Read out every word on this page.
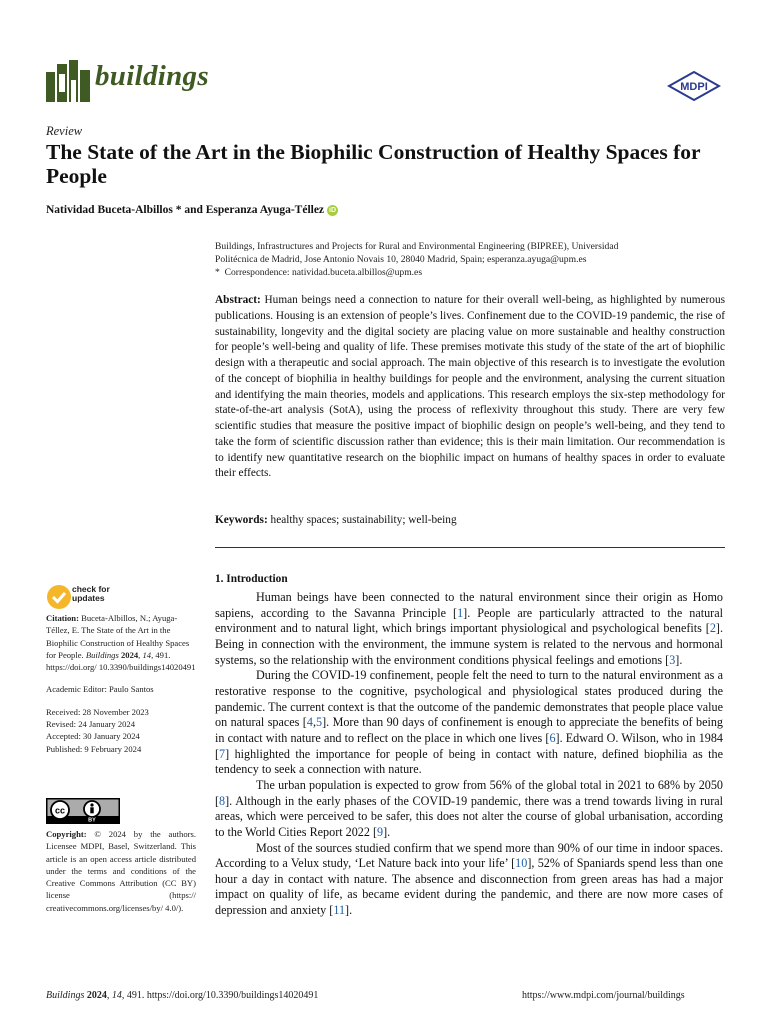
buildings	MDPI
Review
The State of the Art in the Biophilic Construction of Healthy Spaces for People
Natividad Buceta-Albillos * and Esperanza Ayuga-Téllez iD
Buildings, Infrastructures and Projects for Rural and Environmental Engineering (BIPREE), Universidad
Politécnica de Madrid, Jose Antonio Novais 10, 28040 Madrid, Spain; esperanza.ayuga@upm.es
* Correspondence: natividad.buceta.albillos@upm.es
Abstract: Human beings need a connection to nature for their overall well-being, as highlighted by numerous publications. Housing is an extension of people’s lives. Confinement due to the COVID-19 pandemic, the rise of sustainability, longevity and the digital society are placing value on more sustainable and healthy construction for people’s well-being and quality of life. These premises motivate this study of the state of the art of biophilic design with a therapeutic and social approach. The main objective of this research is to investigate the evolution of the concept of biophilia in healthy buildings for people and the environment, analysing the current situation and identifying the main theories, models and applications. This research employs the six-step methodology for state-of-the-art analysis (SotA), using the process of reflexivity throughout this study. There are very few scientific studies that measure the positive impact of biophilic design on people’s well-being, and they tend to take the form of scientific discussion rather than evidence; this is their main limitation. Our recommendation is to identify new quantitative research on the biophilic impact on humans of healthy spaces in order to evaluate their effects.
Keywords: healthy spaces; sustainability; well-being
1. Introduction

Human beings have been connected to the natural environment since their origin as Homo sapiens, according to the Savanna Principle [1]. People are particularly attracted to the natural environment and to natural light, which brings important physiological and psychological benefits [2]. Being in connection with the environment, the immune system is related to the nervous and hormonal systems, so the relationship with the environment conditions physical feelings and emotions [3].

During the COVID-19 confinement, people felt the need to turn to the natural environment as a restorative response to the cognitive, psychological and physiological states produced during the pandemic. The current context is that the outcome of the pandemic demonstrates that people place value on natural spaces [4,5]. More than 90 days of confinement is enough to appreciate the benefits of being in contact with nature and to reflect on the place in which one lives [6]. Edward O. Wilson, who in 1984 [7] highlighted the importance for people of being in contact with nature, defined biophilia as the tendency to seek a connection with nature.

The urban population is expected to grow from 56% of the global total in 2021 to 68% by 2050 [8]. Although in the early phases of the COVID-19 pandemic, there was a trend towards living in rural areas, which were perceived to be safer, this does not alter the course of global urbanisation, according to the World Cities Report 2022 [9].

Most of the sources studied confirm that we spend more than 90% of our time in indoor spaces. According to a Velux study, ‘Let Nature back into your life’ [10], 52% of Spaniards spend less than one hour a day in contact with nature. The absence and disconnection from green areas has had a major impact on quality of life, as became evident during the pandemic, and there are now more cases of depression and anxiety [11].

check for
updates
Citation: Buceta-Albillos, N.; Ayuga-Téllez, E. The State of the Art in the Biophilic Construction of Healthy Spaces for People. Buildings 2024, 14, 491. https://doi.org/ 10.3390/buildings14020491
Academic Editor: Paulo Santos
Received: 28 November 2023
Revised: 24 January 2024
Accepted: 30 January 2024
Published: 9 February 2024
cc
BY
Copyright: © 2024 by the authors. Licensee MDPI, Basel, Switzerland. This article is an open access article distributed under the terms and conditions of the Creative Commons Attribution (CC BY) license (https:// creativecommons.org/licenses/by/ 4.0/).
Buildings 2024, 14, 491. https://doi.org/10.3390/buildings14020491	https://www.mdpi.com/journal/buildings
